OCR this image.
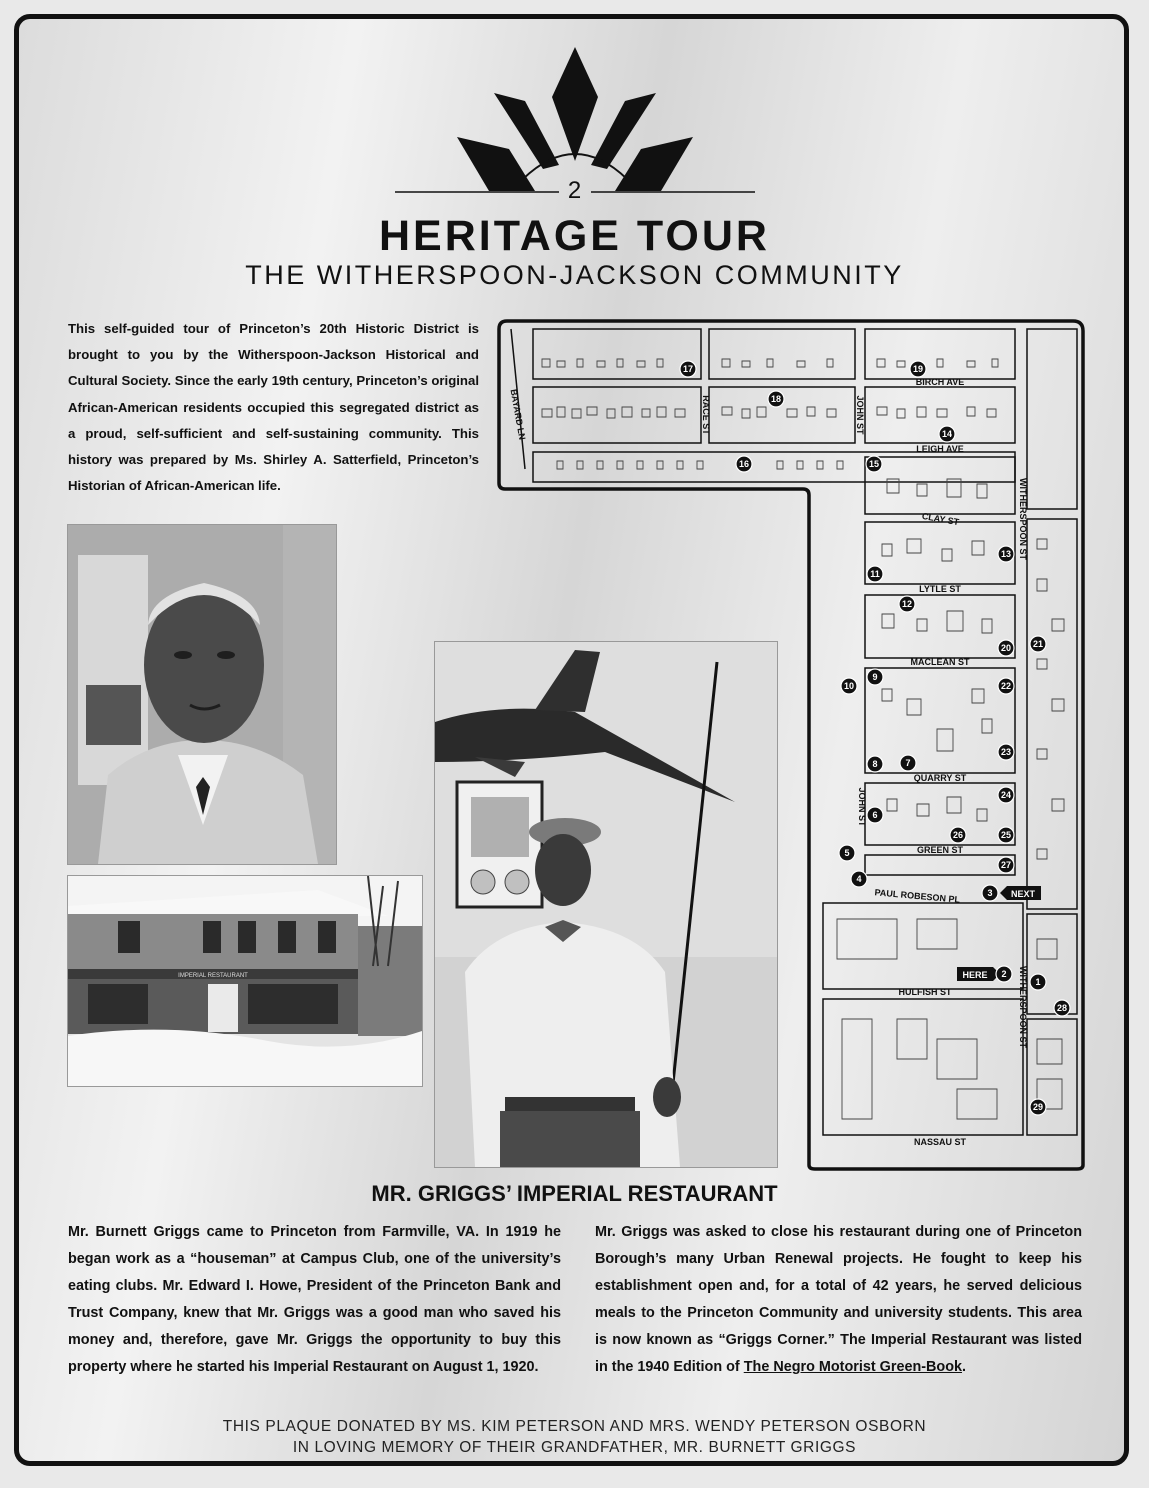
2
HERITAGE TOUR
THE WITHERSPOON-JACKSON COMMUNITY
This self-guided tour of Princeton’s 20th Historic District is brought to you by the Witherspoon-Jackson Historical and Cultural Society. Since the early 19th century, Princeton’s original African-American residents occupied this segregated district as a proud, self-sufficient and self-sustaining community. This history was prepared by Ms. Shirley A. Satterfield, Princeton’s Historian of African-American life.
IMPERIAL RESTAURANT
BIRCH AVE
LEIGH AVE
CLAY ST
LYTLE ST
MACLEAN ST
QUARRY ST
GREEN ST
PAUL ROBESON PL
HULFISH ST
NASSAU ST
BAYARD LN	RACE ST	JOHN ST
JOHN ST
WITHERSPOON ST
WITHERSPOON ST
HERE
NEXT
1
2
3
4
5
6
7
8
9
10
11
12
13
14
15
16
17
18
19
20 21
22
23
24
25
26
27
28
29
MR. GRIGGS’ IMPERIAL RESTAURANT
Mr. Burnett Griggs came to Princeton from Farmville, VA. In 1919 he began work as a “houseman” at Campus Club, one of the university’s eating clubs. Mr. Edward I. Howe, President of the Princeton Bank and Trust Company, knew that Mr. Griggs was a good man who saved his money and, therefore, gave Mr. Griggs the opportunity to buy this property where he started his Imperial Restaurant on August 1, 1920.
Mr. Griggs was asked to close his restaurant during one of Princeton Borough’s many Urban Renewal projects. He fought to keep his establishment open and, for a total of 42 years, he served delicious meals to the Princeton Community and university students. This area is now known as “Griggs Corner.” The Imperial Restaurant was listed in the 1940 Edition of The Negro Motorist Green-Book.
THIS PLAQUE DONATED BY MS. KIM PETERSON AND MRS. WENDY PETERSON OSBORN
IN LOVING MEMORY OF THEIR GRANDFATHER, MR. BURNETT GRIGGS
